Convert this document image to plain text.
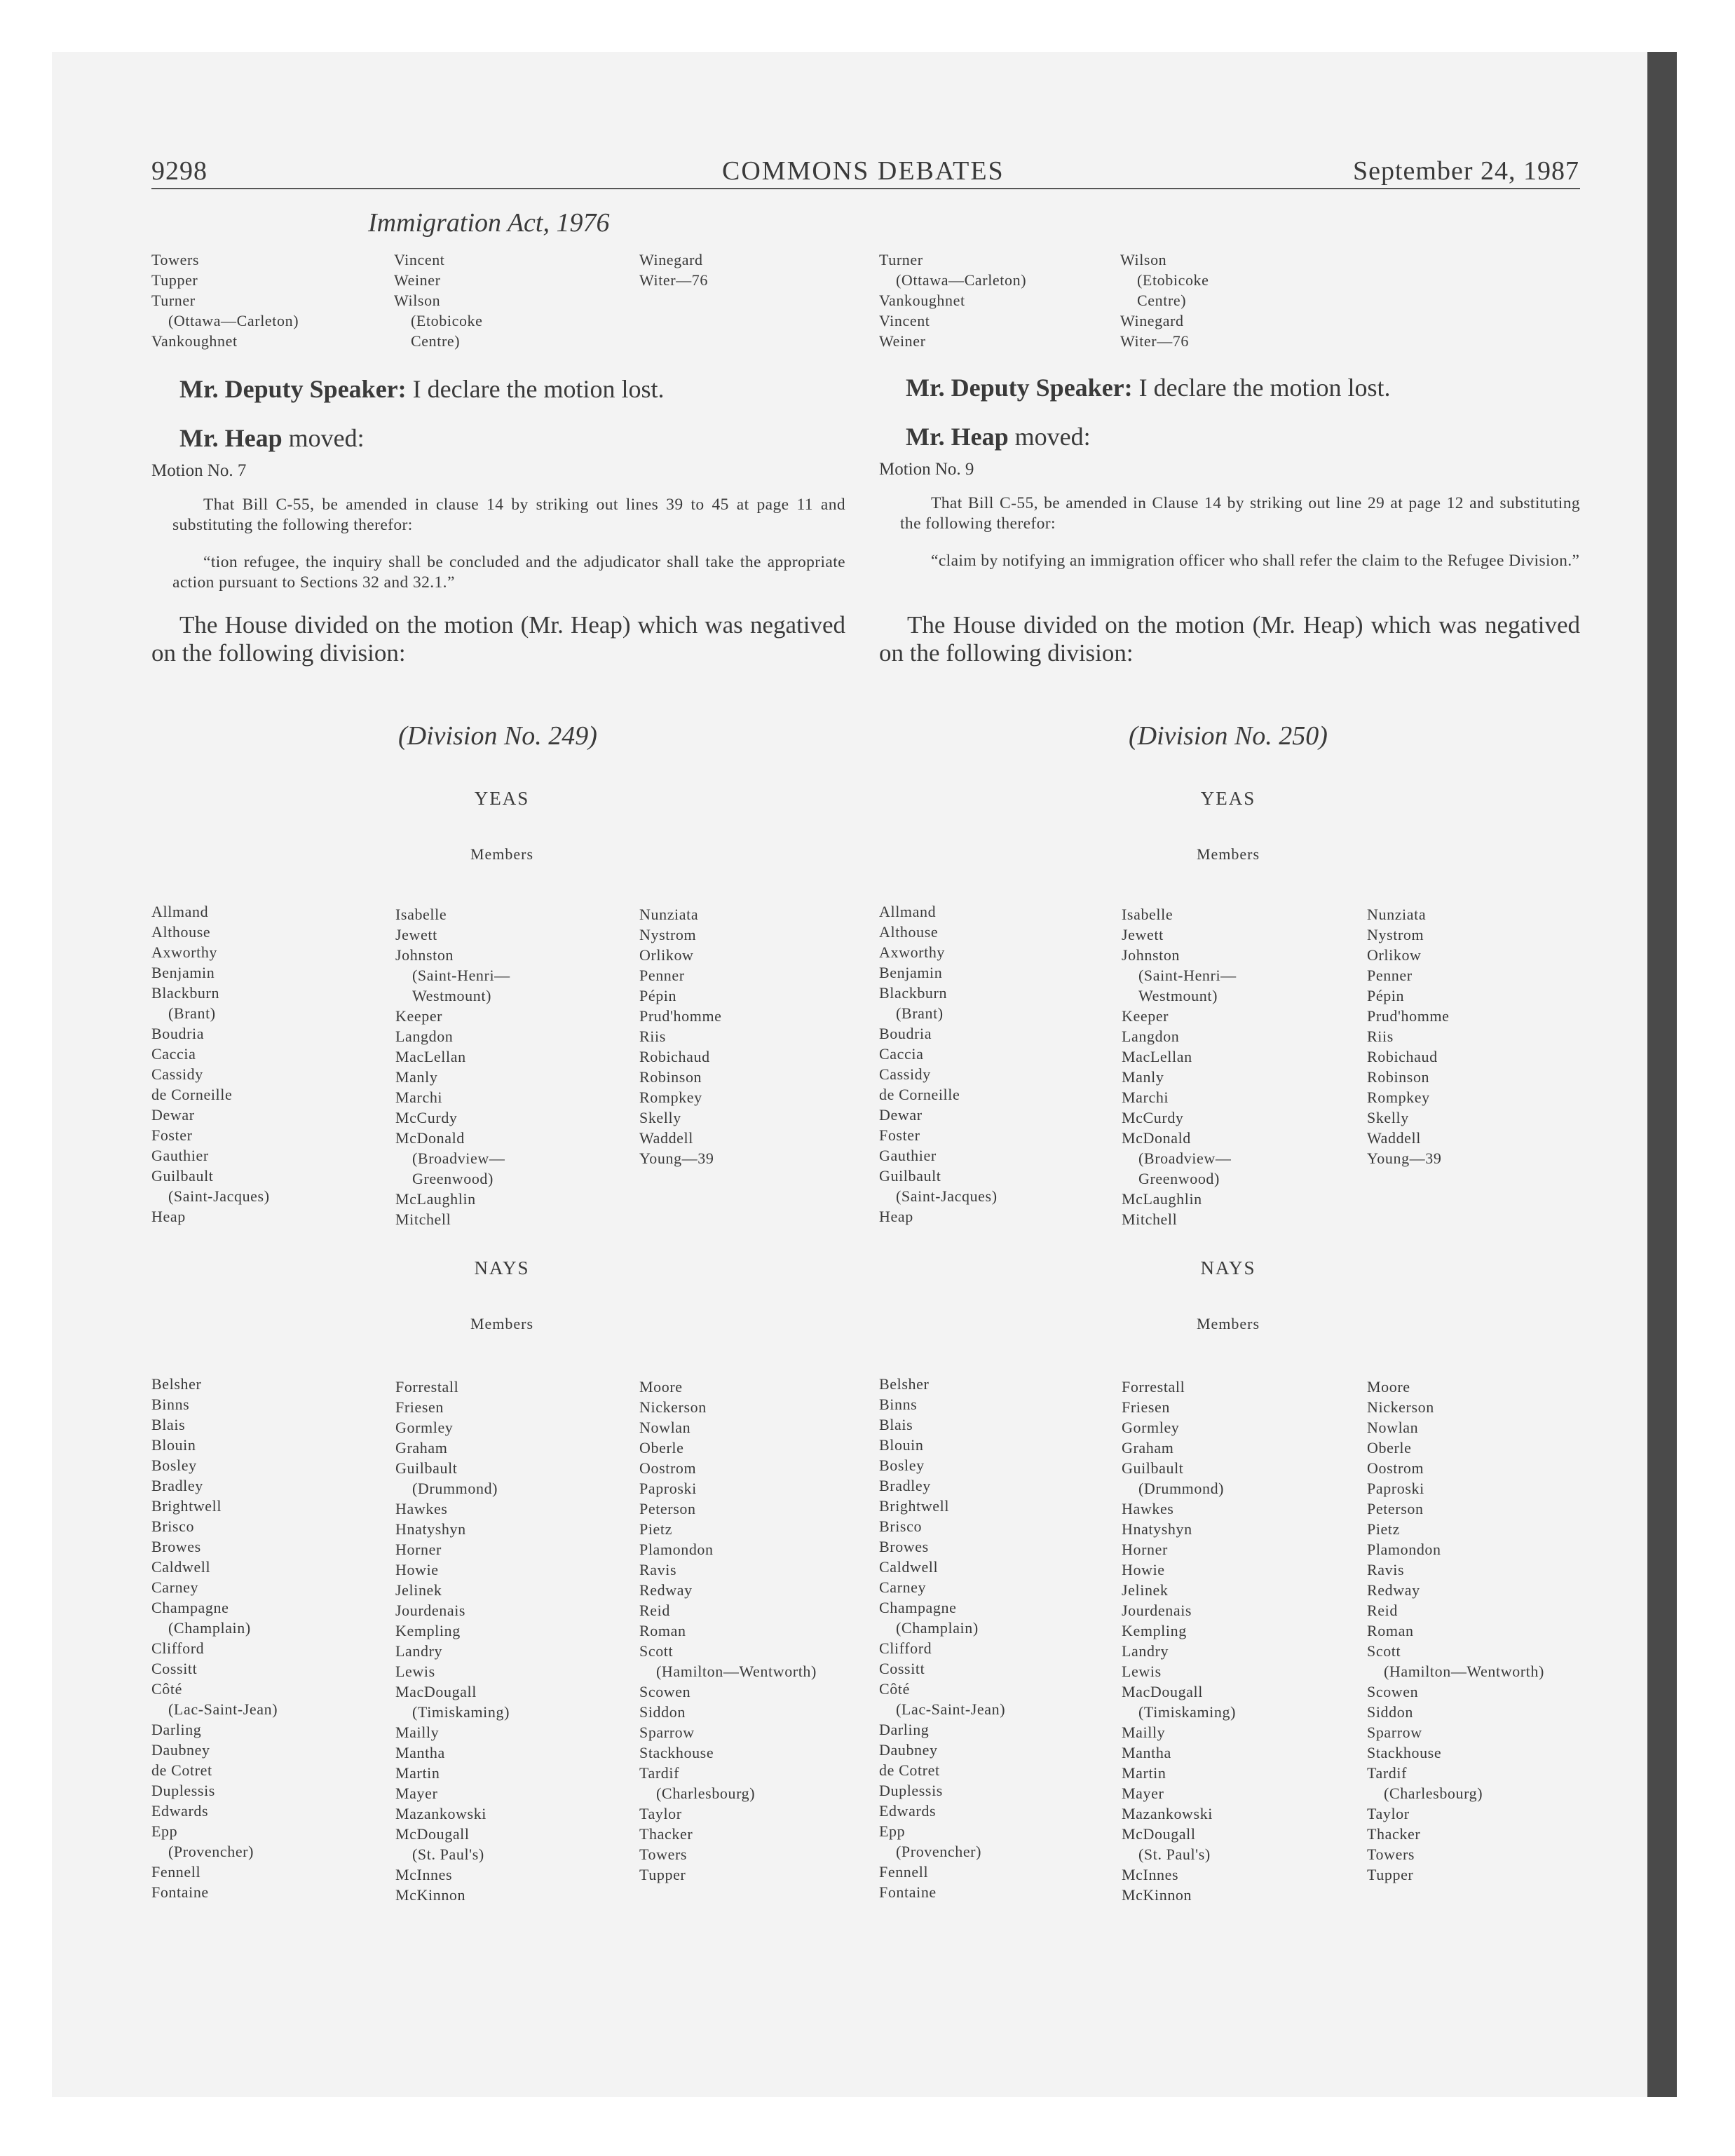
9298	COMMONS DEBATES	September 24, 1987
Immigration Act, 1976
Towers
Tupper
Turner
(Ottawa—Carleton)
Vankoughnet
Vincent
Weiner
Wilson
(Etobicoke
Centre)
Winegard
Witer—76
Turner
(Ottawa—Carleton)
Vankoughnet
Vincent
Weiner
Wilson
(Etobicoke
Centre)
Winegard
Witer—76
Mr. Deputy Speaker: I declare the motion lost.
Mr. Heap moved:
Motion No. 7
That Bill C-55, be amended in clause 14 by striking out lines 39 to 45 at page 11 and substituting the following therefor:
“tion refugee, the inquiry shall be concluded and the adjudicator shall take the appropriate action pursuant to Sections 32 and 32.1.”
The House divided on the motion (Mr. Heap) which was negatived on the following division:
(Division No. 249)
Mr. Deputy Speaker: I declare the motion lost.
Mr. Heap moved:
Motion No. 9
That Bill C-55, be amended in Clause 14 by striking out line 29 at page 12 and substituting the following therefor:
“claim by notifying an immigration officer who shall refer the claim to the Refugee Division.”
The House divided on the motion (Mr. Heap) which was negatived on the following division:
(Division No. 250)
YEAS
Members
YEAS
Members
Allmand
Althouse
Axworthy
Benjamin
Blackburn
(Brant)
Boudria
Caccia
Cassidy
de Corneille
Dewar
Foster
Gauthier
Guilbault
(Saint-Jacques)
Heap
Isabelle
Jewett
Johnston
(Saint-Henri—
Westmount)
Keeper
Langdon
MacLellan
Manly
Marchi
McCurdy
McDonald
(Broadview—
Greenwood)
McLaughlin
Mitchell
Nunziata
Nystrom
Orlikow
Penner
Pépin
Prud'homme
Riis
Robichaud
Robinson
Rompkey
Skelly
Waddell
Young—39
Allmand
Althouse
Axworthy
Benjamin
Blackburn
(Brant)
Boudria
Caccia
Cassidy
de Corneille
Dewar
Foster
Gauthier
Guilbault
(Saint-Jacques)
Heap
Isabelle
Jewett
Johnston
(Saint-Henri—
Westmount)
Keeper
Langdon
MacLellan
Manly
Marchi
McCurdy
McDonald
(Broadview—
Greenwood)
McLaughlin
Mitchell
Nunziata
Nystrom
Orlikow
Penner
Pépin
Prud'homme
Riis
Robichaud
Robinson
Rompkey
Skelly
Waddell
Young—39
NAYS
Members
NAYS
Members
Belsher
Binns
Blais
Blouin
Bosley
Bradley
Brightwell
Brisco
Browes
Caldwell
Carney
Champagne
(Champlain)
Clifford
Cossitt
Côté
(Lac-Saint-Jean)
Darling
Daubney
de Cotret
Duplessis
Edwards
Epp
(Provencher)
Fennell
Fontaine
Forrestall
Friesen
Gormley
Graham
Guilbault
(Drummond)
Hawkes
Hnatyshyn
Horner
Howie
Jelinek
Jourdenais
Kempling
Landry
Lewis
MacDougall
(Timiskaming)
Mailly
Mantha
Martin
Mayer
Mazankowski
McDougall
(St. Paul's)
McInnes
McKinnon
Moore
Nickerson
Nowlan
Oberle
Oostrom
Paproski
Peterson
Pietz
Plamondon
Ravis
Redway
Reid
Roman
Scott
(Hamilton—Wentworth)
Scowen
Siddon
Sparrow
Stackhouse
Tardif
(Charlesbourg)
Taylor
Thacker
Towers
Tupper
Belsher
Binns
Blais
Blouin
Bosley
Bradley
Brightwell
Brisco
Browes
Caldwell
Carney
Champagne
(Champlain)
Clifford
Cossitt
Côté
(Lac-Saint-Jean)
Darling
Daubney
de Cotret
Duplessis
Edwards
Epp
(Provencher)
Fennell
Fontaine
Forrestall
Friesen
Gormley
Graham
Guilbault
(Drummond)
Hawkes
Hnatyshyn
Horner
Howie
Jelinek
Jourdenais
Kempling
Landry
Lewis
MacDougall
(Timiskaming)
Mailly
Mantha
Martin
Mayer
Mazankowski
McDougall
(St. Paul's)
McInnes
McKinnon
Moore
Nickerson
Nowlan
Oberle
Oostrom
Paproski
Peterson
Pietz
Plamondon
Ravis
Redway
Reid
Roman
Scott
(Hamilton—Wentworth)
Scowen
Siddon
Sparrow
Stackhouse
Tardif
(Charlesbourg)
Taylor
Thacker
Towers
Tupper
